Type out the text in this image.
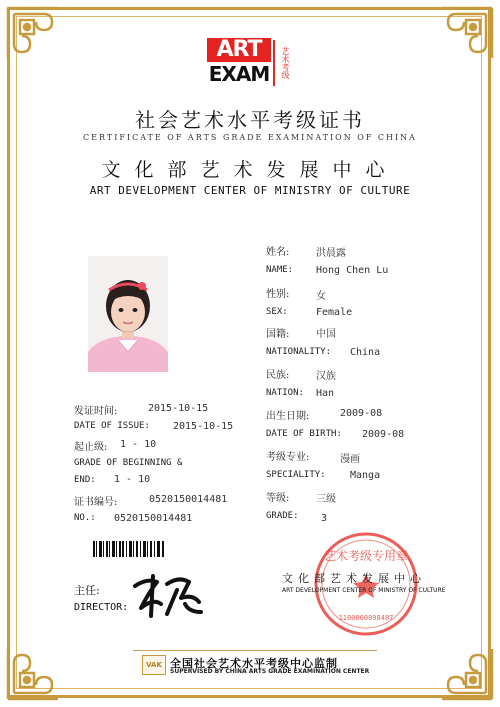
ART
EXAM	艺术考级
社会艺术水平考级证书
CERTIFICATE OF ARTS GRADE EXAMINATION OF CHINA
文化部艺术发展中心
ART DEVELOPMENT CENTER OF MINISTRY OF CULTURE
发证时间:	2015-10-15
DATE OF ISSUE: 2015-10-15
起止级: 1 - 10
GRADE OF BEGINNING &
END: 1 - 10
证书编号:	0520150014481
NO.: 0520150014481
姓名:	洪晨露
NAME: Hong Chen Lu
性别:	女
SEX:	Female
国籍:	中国
NATIONALITY: China
民族:	汉族
NATION: Han
出生日期:	2009-08
DATE OF BIRTH: 2009-08
考级专业:	漫画
SPECIALITY: Manga
等级:	三级
GRADE: 3
主任:
DIRECTOR:
艺术考级专用章
1100000098487
文化部艺术发展中心
ART DEVELOPMENT CENTER OF MINISTRY OF CULTURE
VAK 全国社会艺术水平考级中心监制
SUPERVISED BY CHINA ARTS GRADE EXAMINATION CENTER
